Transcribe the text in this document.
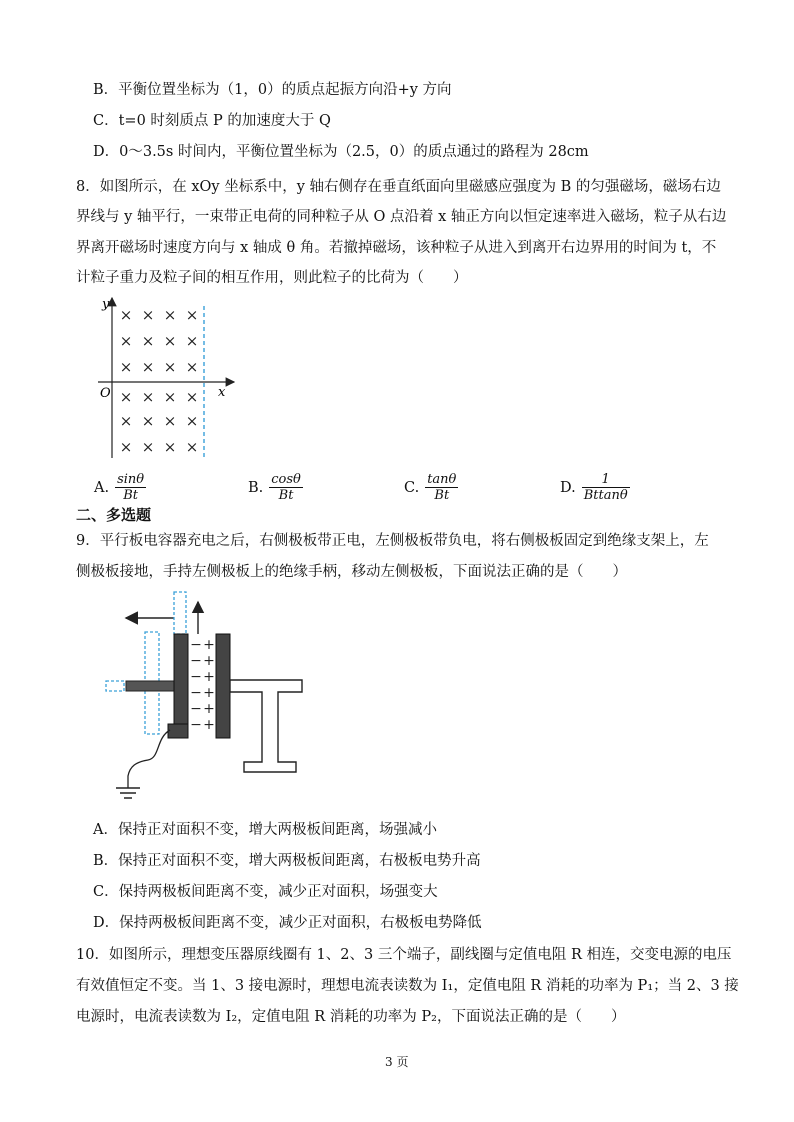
B．平衡位置坐标为（1，0）的质点起振方向沿+y 方向
C．t=0 时刻质点 P 的加速度大于 Q
D．0～3.5s 时间内，平衡位置坐标为（2.5，0）的质点通过的路程为 28cm
8．如图所示，在 xOy 坐标系中，y 轴右侧存在垂直纸面向里磁感应强度为 B 的匀强磁场，磁场右边
界线与 y 轴平行，一束带正电荷的同种粒子从 O 点沿着 x 轴正方向以恒定速率进入磁场，粒子从右边
界离开磁场时速度方向与 x 轴成 θ 角。若撤掉磁场，该种粒子从进入到离开右边界用的时间为 t，不
计粒子重力及粒子间的相互作用，则此粒子的比荷为（　　）
y
x
O
× × × ×
× × × ×
× × × ×
× × × ×
× × × ×
× × × ×
A. $\frac{\sin\theta}{Bt}$	B. $\frac{\cos\theta}{Bt}$	C. $\frac{\tan\theta}{Bt}$	D. $\frac{1}{Bttan\theta}$
二、多选题
9．平行板电容器充电之后，右侧极板带正电，左侧极板带负电，将右侧极板固定到绝缘支架上，左
侧极板接地，手持左侧极板上的绝缘手柄，移动左侧极板，下面说法正确的是（　　）
− +
− +
− +
− +
− +
− +
A．保持正对面积不变，增大两极板间距离，场强减小
B．保持正对面积不变，增大两极板间距离，右极板电势升高
C．保持两极板间距离不变，减少正对面积，场强变大
D．保持两极板间距离不变，减少正对面积，右极板电势降低
10．如图所示，理想变压器原线圈有 1、2、3 三个端子，副线圈与定值电阻 R 相连，交变电源的电压
有效值恒定不变。当 1、3 接电源时，理想电流表读数为 I₁，定值电阻 R 消耗的功率为 P₁；当 2、3 接
电源时，电流表读数为 I₂，定值电阻 R 消耗的功率为 P₂，下面说法正确的是（　　）
3 页
